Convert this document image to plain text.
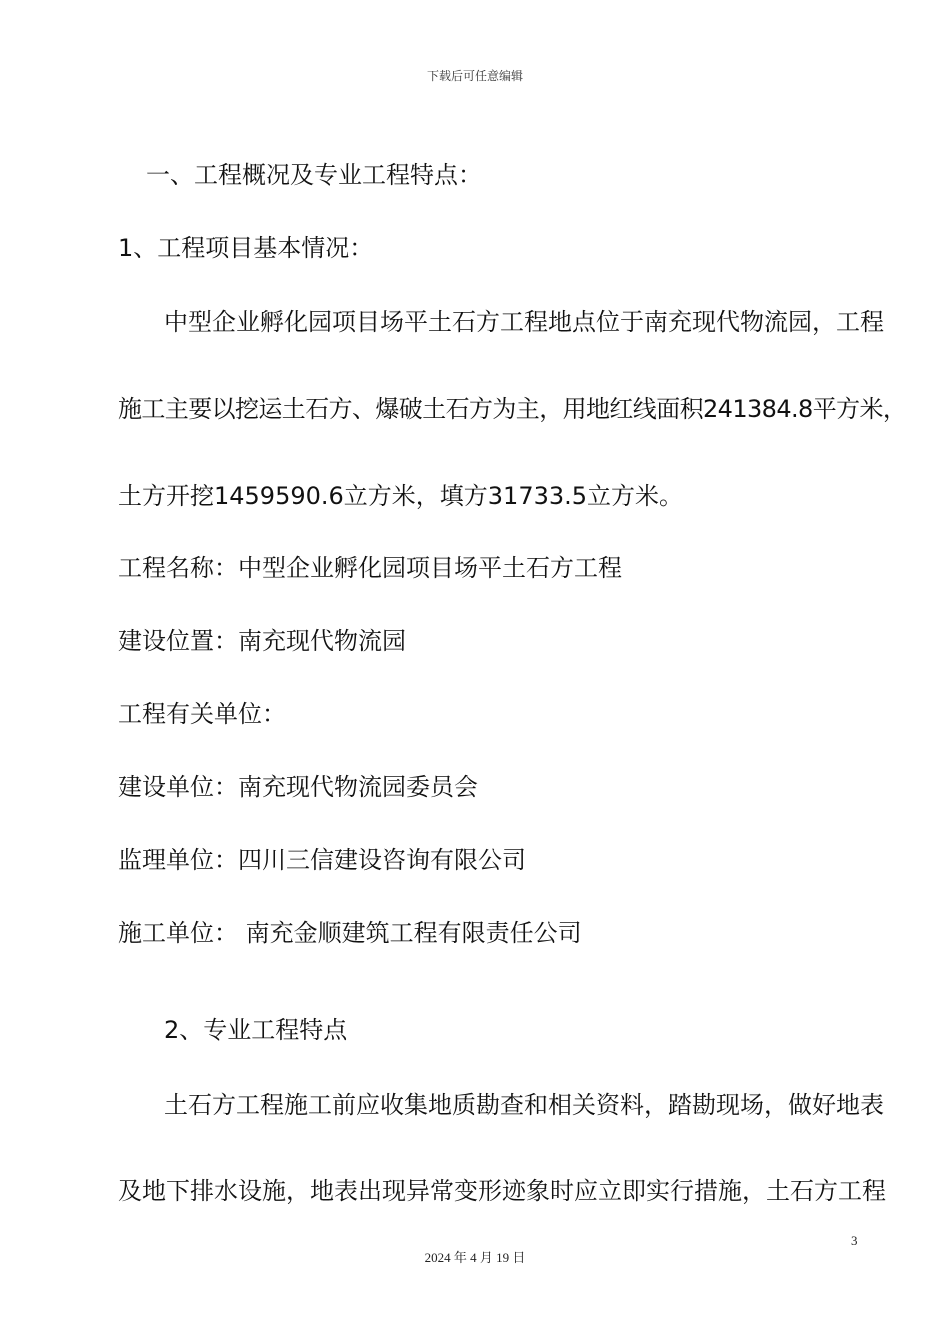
下载后可任意编辑
一、工程概况及专业工程特点：
1、工程项目基本情况：
中型企业孵化园项目场平土石方工程地点位于南充现代物流园，工程
施工主要以挖运土石方、爆破土石方为主，用地红线面积241384.8平方米，
土方开挖1459590.6立方米，填方31733.5立方米。
工程名称：中型企业孵化园项目场平土石方工程
建设位置：南充现代物流园
工程有关单位：
建设单位：南充现代物流园委员会
监理单位：四川三信建设咨询有限公司
施工单位： 南充金顺建筑工程有限责任公司
2、专业工程特点
土石方工程施工前应收集地质勘查和相关资料，踏勘现场，做好地表
及地下排水设施，地表出现异常变形迹象时应立即实行措施，土石方工程
3
2024 年 4 月 19 日
